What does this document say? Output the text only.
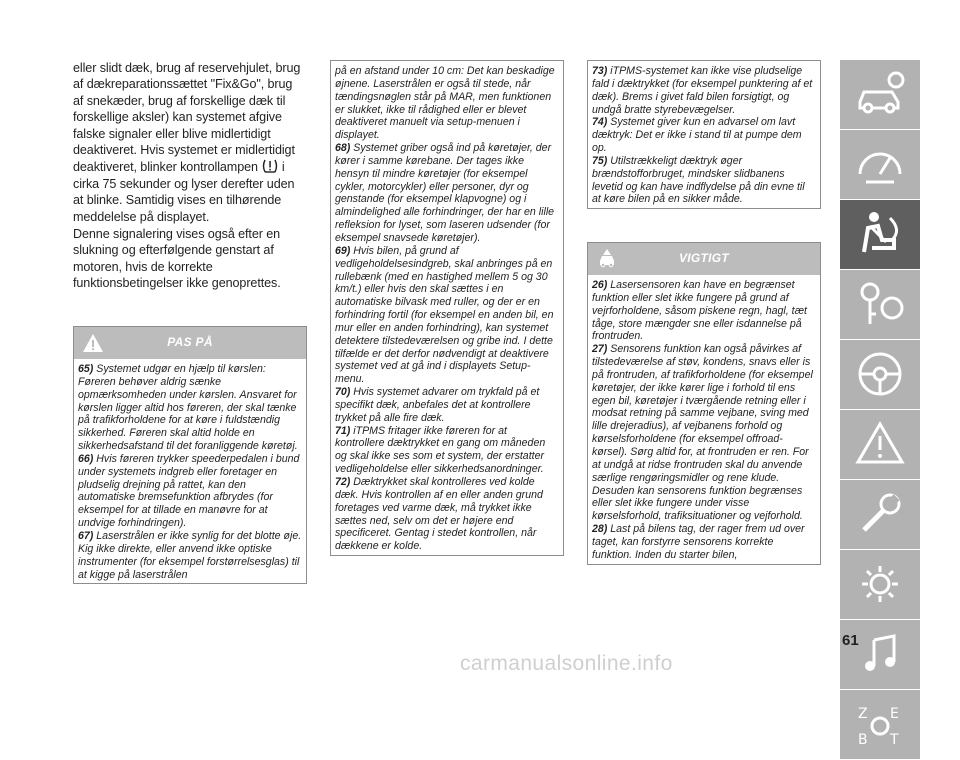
eller slidt dæk, brug af reservehjulet, brug af dækreparationssættet "Fix&Go", brug af snekæder, brug af forskellige dæk til forskellige aksler) kan systemet afgive falske signaler eller blive midlertidigt deaktiveret. Hvis systemet er midlertidigt deaktiveret, blinker kontrollampen i cirka 75 sekunder og lyser derefter uden at blinke. Samtidig vises en tilhørende meddelelse på displayet.

Denne signalering vises også efter en slukning og efterfølgende genstart af motoren, hvis de korrekte funktionsbetingelser ikke genoprettes.

PAS PÅ
65) Systemet udgør en hjælp til kørslen: Føreren behøver aldrig sænke opmærksomheden under kørslen. Ansvaret for kørslen ligger altid hos føreren, der skal tænke på trafikforholdene for at køre i fuldstændig sikkerhed. Føreren skal altid holde en sikkerhedsafstand til det foranliggende køretøj.
66) Hvis føreren trykker speederpedalen i bund under systemets indgreb eller foretager en pludselig drejning på rattet, kan den automatiske bremsefunktion afbrydes (for eksempel for at tillade en manøvre for at undvige forhindringen).
67) Laserstrålen er ikke synlig for det blotte øje. Kig ikke direkte, eller anvend ikke optiske instrumenter (for eksempel forstørrelsesglas) til at kigge på laserstrålen
på en afstand under 10 cm: Det kan beskadige øjnene. Laserstrålen er også til stede, når tændingsnøglen står på MAR, men funktionen er slukket, ikke til rådighed eller er blevet deaktiveret manuelt via setup-menuen i displayet.
68) Systemet griber også ind på køretøjer, der kører i samme kørebane. Der tages ikke hensyn til mindre køretøjer (for eksempel cykler, motorcykler) eller personer, dyr og genstande (for eksempel klapvogne) og i almindelighed alle forhindringer, der har en lille refleksion for lyset, som laseren udsender (for eksempel snavsede køretøjer).
69) Hvis bilen, på grund af vedligeholdelsesindgreb, skal anbringes på en rullebænk (med en hastighed mellem 5 og 30 km/t.) eller hvis den skal sættes i en automatiske bilvask med ruller, og der er en forhindring fortil (for eksempel en anden bil, en mur eller en anden forhindring), kan systemet detektere tilstedeværelsen og gribe ind. I dette tilfælde er det derfor nødvendigt at deaktivere systemet ved at gå ind i displayets Setup-menu.
70) Hvis systemet advarer om trykfald på et specifikt dæk, anbefales det at kontrollere trykket på alle fire dæk.
71) iTPMS fritager ikke føreren for at kontrollere dæktrykket en gang om måneden og skal ikke ses som et system, der erstatter vedligeholdelse eller sikkerhedsanordninger.
72) Dæktrykket skal kontrolleres ved kolde dæk. Hvis kontrollen af en eller anden grund foretages ved varme dæk, må trykket ikke sættes ned, selv om det er højere end specificeret. Gentag i stedet kontrollen, når dækkene er kolde.
73) iTPMS-systemet kan ikke vise pludselige fald i dæktrykket (for eksempel punktering af et dæk). Brems i givet fald bilen forsigtigt, og undgå bratte styrebevægelser.
74) Systemet giver kun en advarsel om lavt dæktryk: Det er ikke i stand til at pumpe dem op.
75) Utilstrækkeligt dæktryk øger brændstofforbruget, mindsker slidbanens levetid og kan have indflydelse på din evne til at køre bilen på en sikker måde.
VIGTIGT
26) Lasersensoren kan have en begrænset funktion eller slet ikke fungere på grund af vejrforholdene, såsom piskene regn, hagl, tæt tåge, store mængder sne eller isdannelse på frontruden.
27) Sensorens funktion kan også påvirkes af tilstedeværelse af støv, kondens, snavs eller is på frontruden, af trafikforholdene (for eksempel køretøjer, der ikke kører lige i forhold til ens egen bil, køretøjer i tværgående retning eller i modsat retning på samme vejbane, sving med lille drejeradius), af vejbanens forhold og kørselsforholdene (for eksempel offroad-kørsel). Sørg altid for, at frontruden er ren. For at undgå at ridse frontruden skal du anvende særlige rengøringsmidler og rene klude. Desuden kan sensorens funktion begrænses eller slet ikke fungere under visse kørselsforhold, trafiksituationer og vejforhold.
28) Last på bilens tag, der rager frem ud over taget, kan forstyrre sensorens korrekte funktion. Inden du starter bilen,
Z E
B T
61
carmanualsonline.info
